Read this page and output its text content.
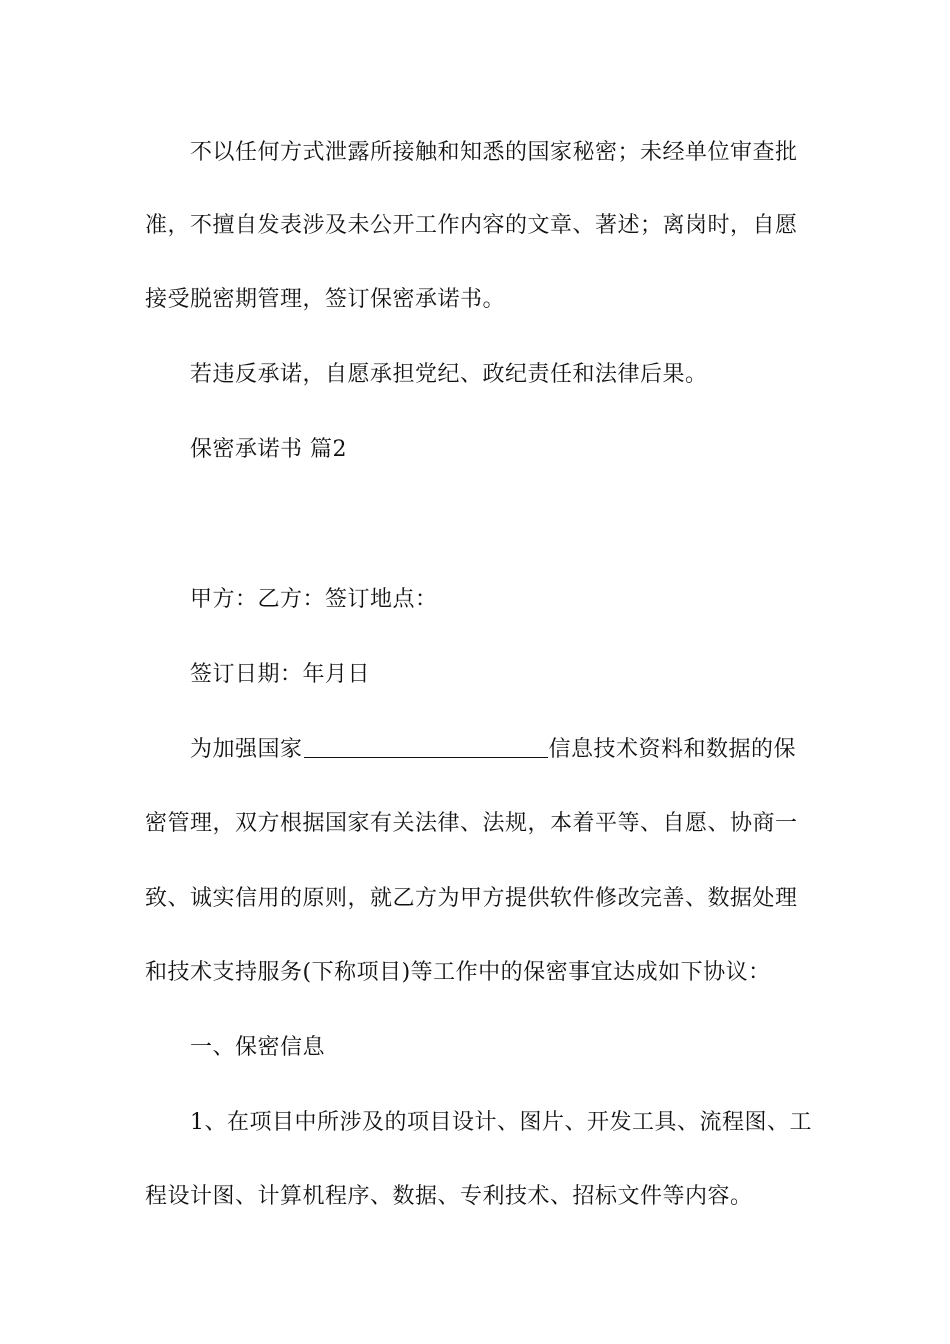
不以任何方式泄露所接触和知悉的国家秘密；未经单位审查批

准，不擅自发表涉及未公开工作内容的文章、著述；离岗时，自愿

接受脱密期管理，签订保密承诺书。

若违反承诺，自愿承担党纪、政纪责任和法律后果。

保密承诺书 篇2

甲方：乙方：签订地点：

签订日期：年月日

为加强国家	信息技术资料和数据的保

密管理，双方根据国家有关法律、法规，本着平等、自愿、协商一

致、诚实信用的原则，就乙方为甲方提供软件修改完善、数据处理

和技术支持服务(下称项目)等工作中的保密事宜达成如下协议：

一、保密信息

1、在项目中所涉及的项目设计、图片、开发工具、流程图、工

程设计图、计算机程序、数据、专利技术、招标文件等内容。
